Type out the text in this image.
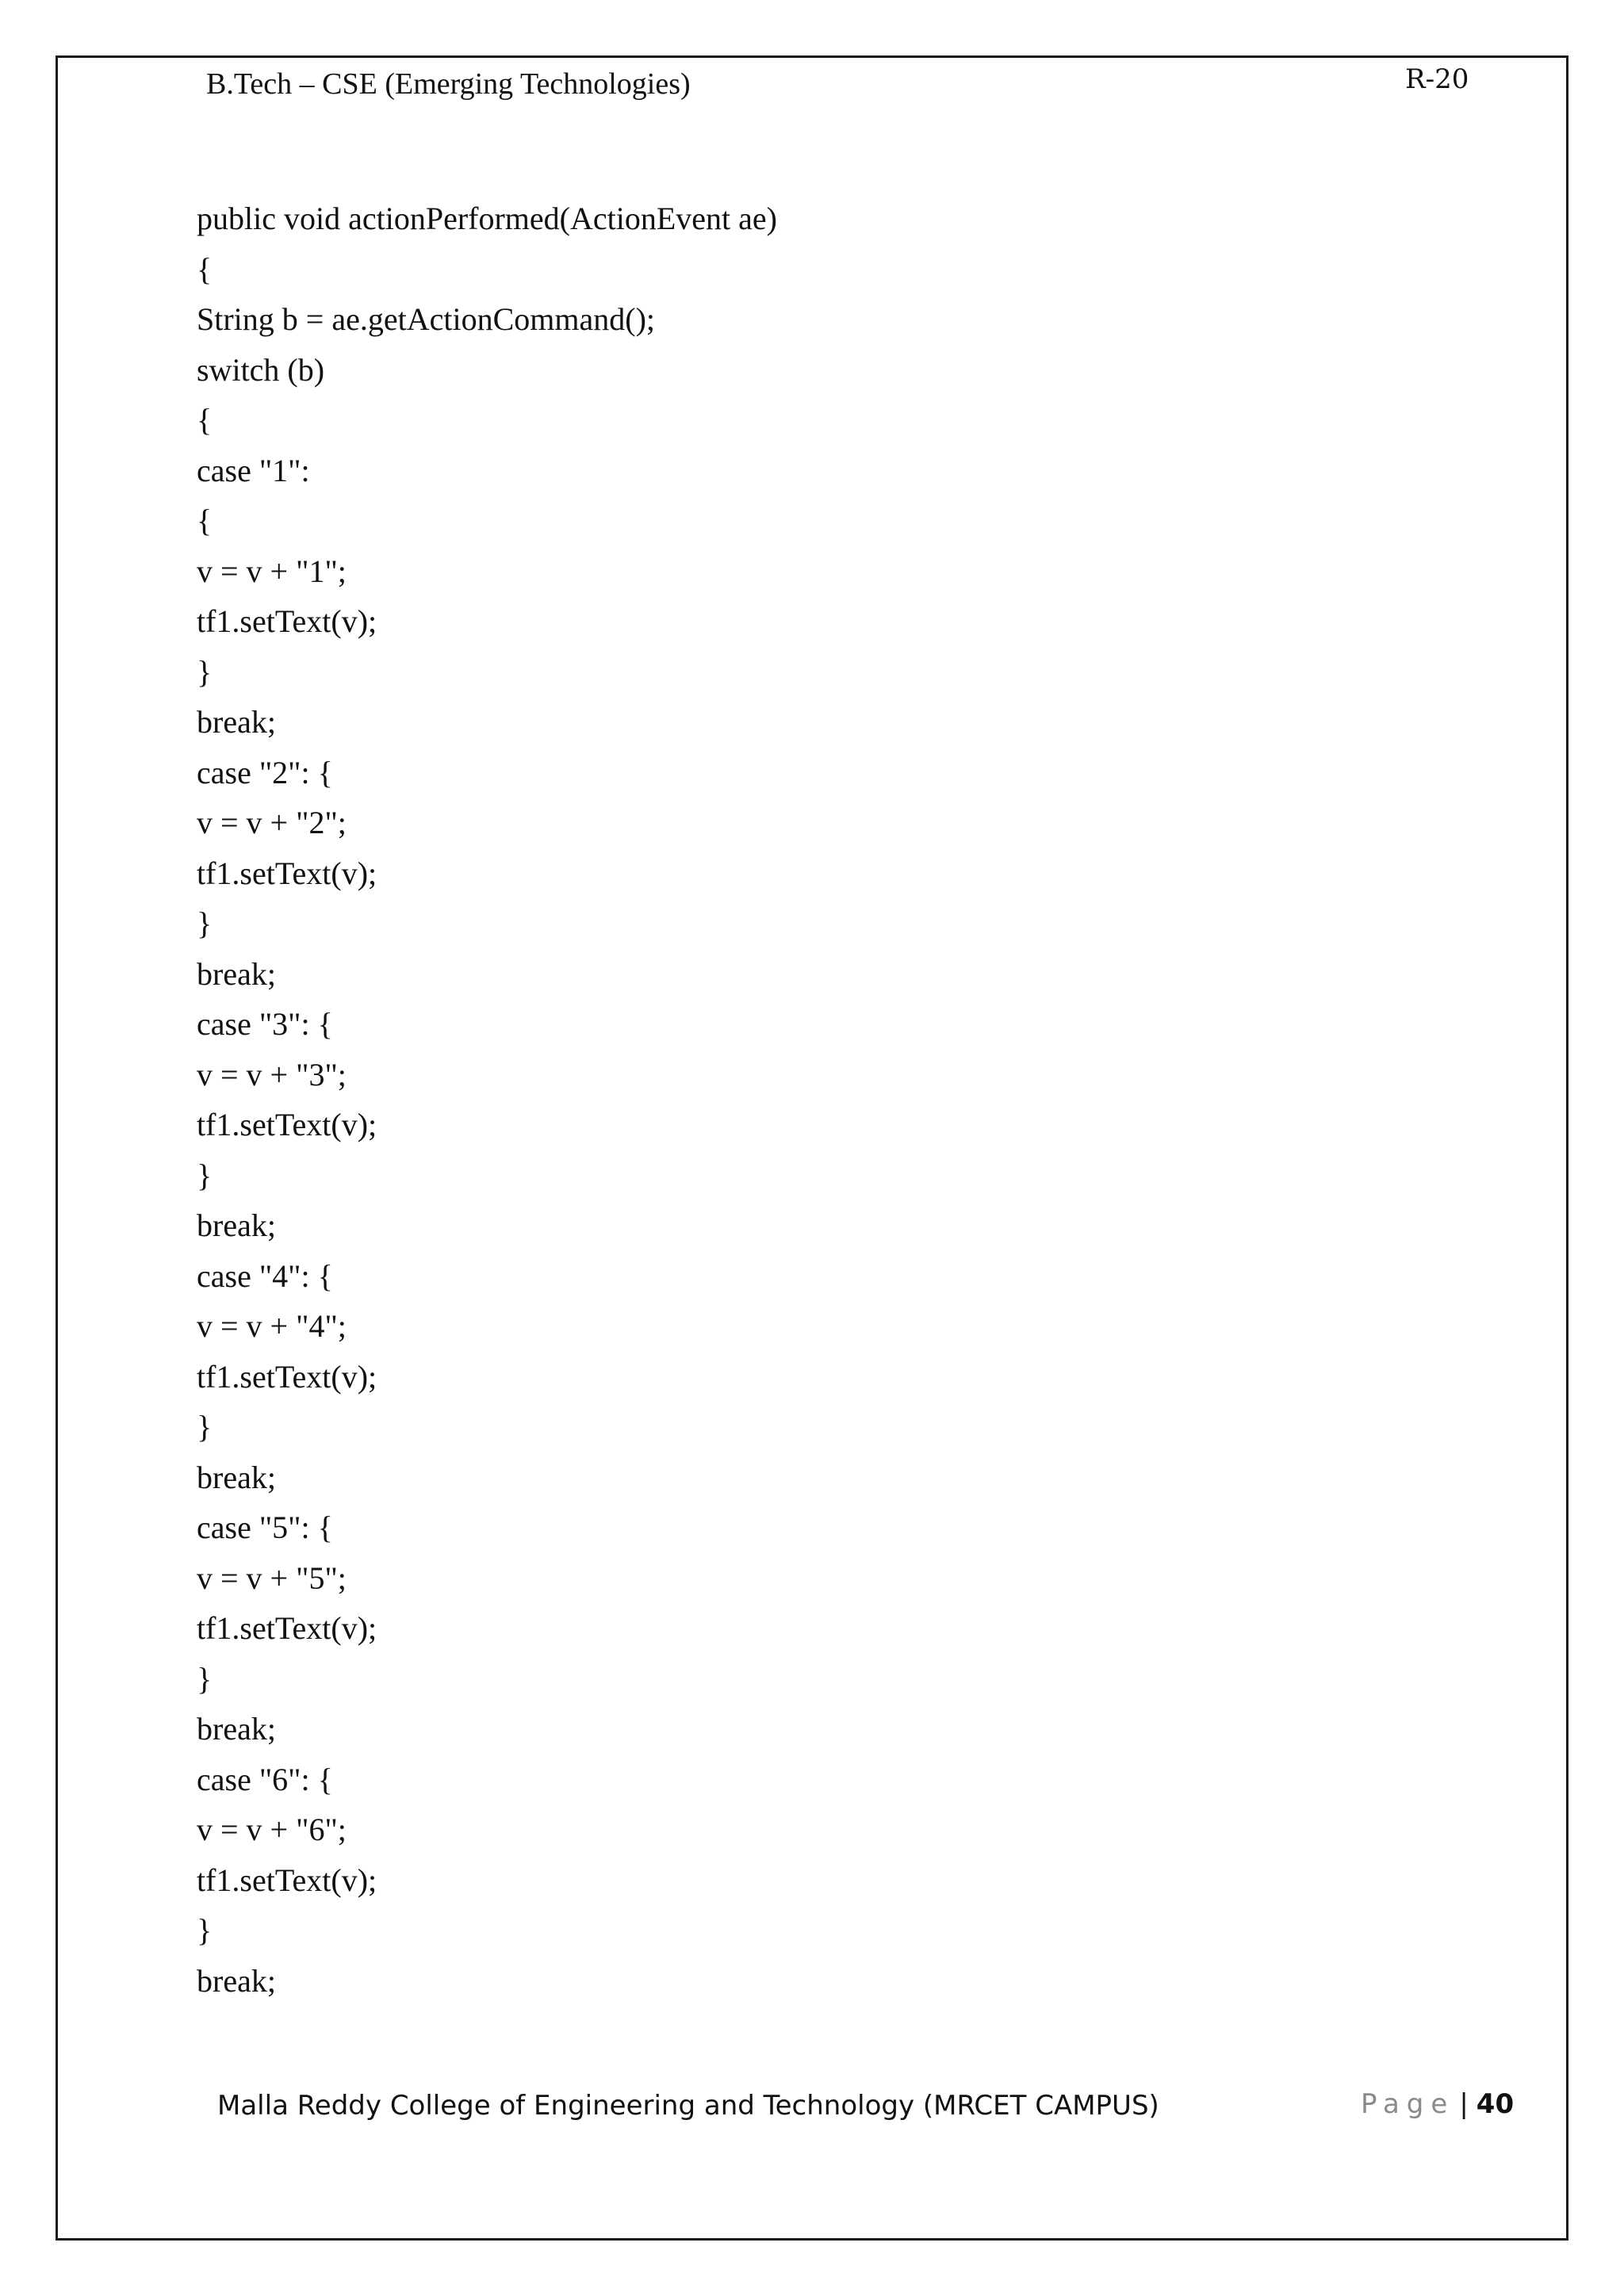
B.Tech – CSE (Emerging Technologies)	R-20
public void actionPerformed(ActionEvent ae)
{
String b = ae.getActionCommand();
switch (b)
{
case "1":
{
v = v + "1";
tf1.setText(v);
}
break;
case "2": {
v = v + "2";
tf1.setText(v);
}
break;
case "3": {
v = v + "3";
tf1.setText(v);
}
break;
case "4": {
v = v + "4";
tf1.setText(v);
}
break;
case "5": {
v = v + "5";
tf1.setText(v);
}
break;
case "6": {
v = v + "6";
tf1.setText(v);
}
break;
Malla Reddy College of Engineering and Technology (MRCET CAMPUS)	Page | 40
